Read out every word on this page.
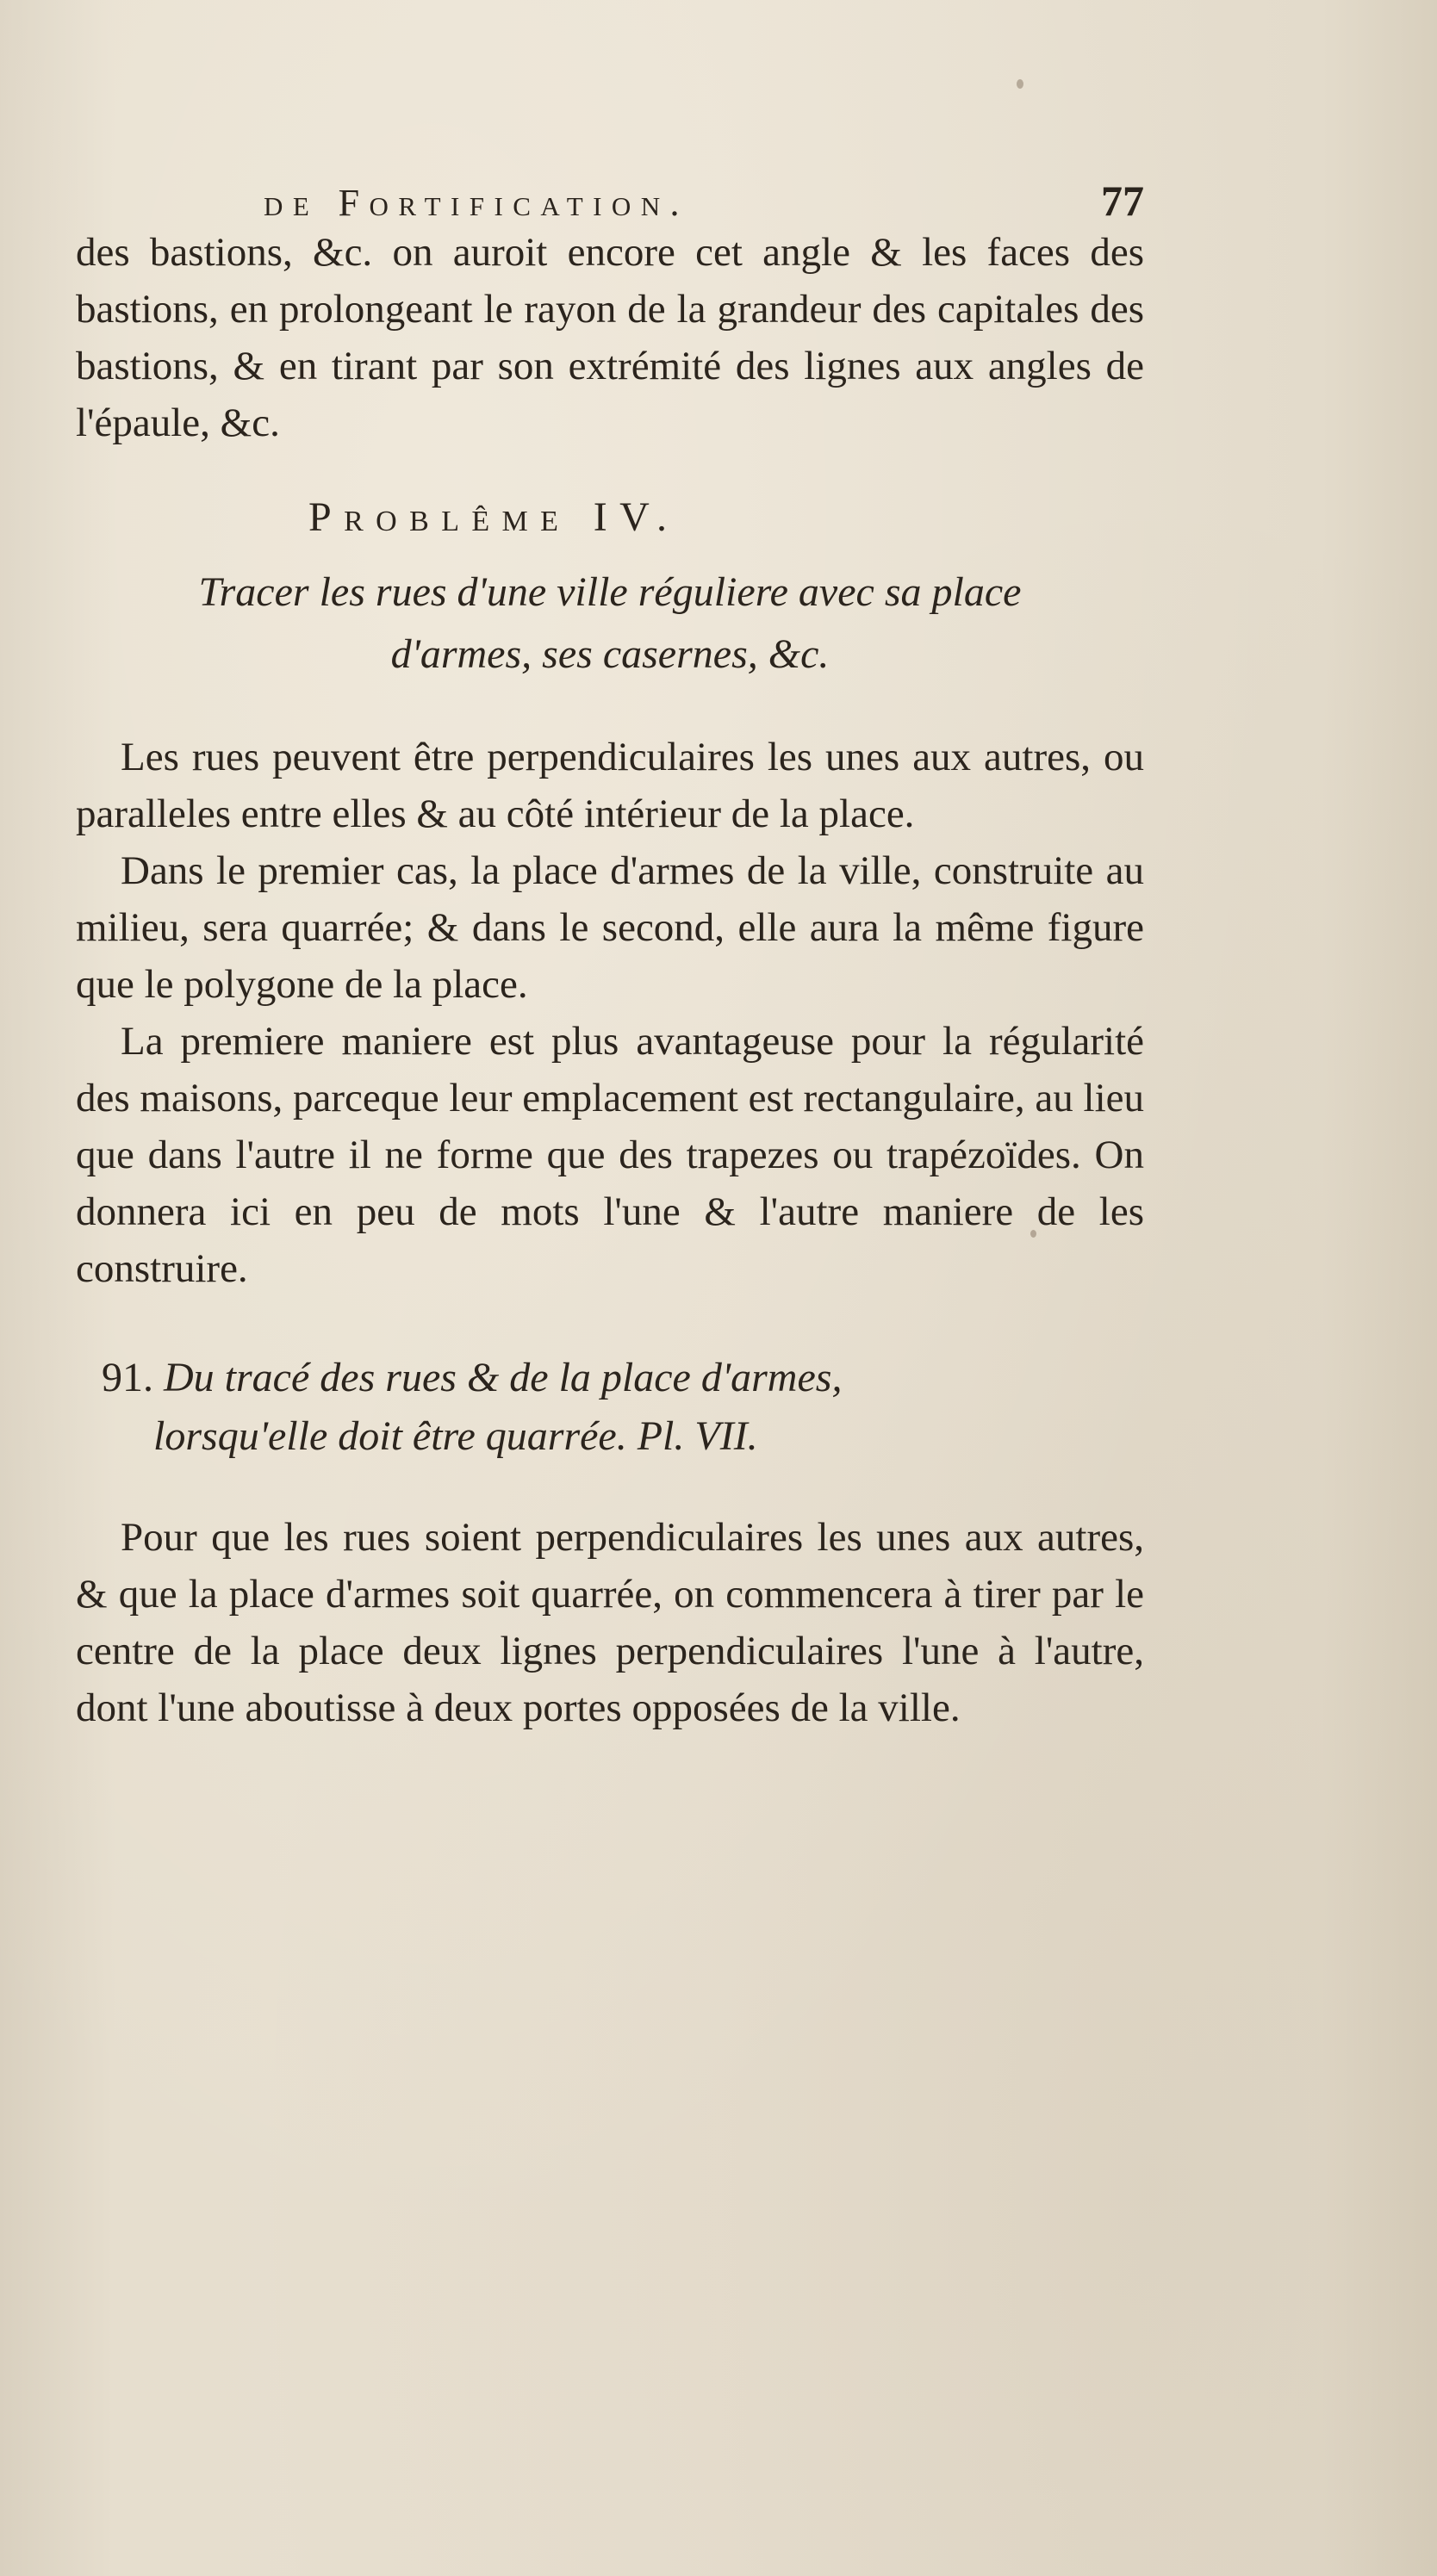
de Fortification.	77

des bastions, &c. on auroit encore cet angle & les faces des bastions, en prolongeant le rayon de la grandeur des capitales des bastions, & en tirant par son extrémité des lignes aux angles de l'épaule, &c.

Problême IV.
Tracer les rues d'une ville réguliere avec sa place
d'armes, ses casernes, &c.

Les rues peuvent être perpendiculaires les unes aux autres, ou paralleles entre elles & au côté intérieur de la place.

Dans le premier cas, la place d'armes de la ville, construite au milieu, sera quarrée; & dans le second, elle aura la même figure que le polygone de la place.

La premiere maniere est plus avantageuse pour la régularité des maisons, parceque leur emplacement est rectangulaire, au lieu que dans l'autre il ne forme que des trapezes ou trapézoïdes. On donnera ici en peu de mots l'une & l'autre maniere de les construire.

91. Du tracé des rues & de la place d'armes,
lorsqu'elle doit être quarrée. Pl. VII.

Pour que les rues soient perpendiculaires les unes aux autres, & que la place d'armes soit quarrée, on commencera à tirer par le centre de la place deux lignes perpendiculaires l'une à l'autre, dont l'une aboutisse à deux portes opposées de la ville.
